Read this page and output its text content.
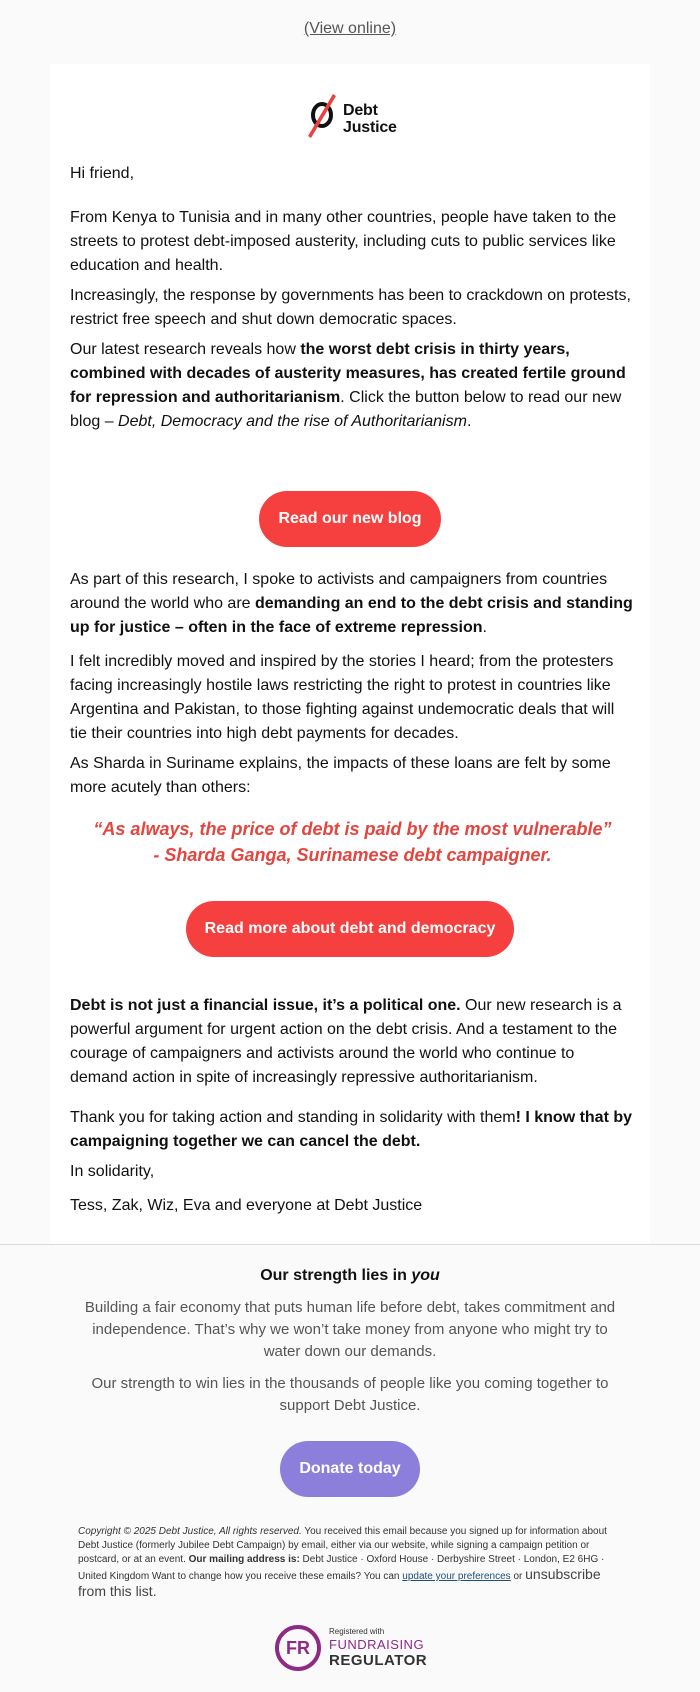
(View online)
Debt
Justice

Hi friend,

From Kenya to Tunisia and in many other countries, people have taken to the streets to protest debt-imposed austerity, including cuts to public services like education and health.

Increasingly, the response by governments has been to crackdown on protests, restrict free speech and shut down democratic spaces.

Our latest research reveals how the worst debt crisis in thirty years, combined with decades of austerity measures, has created fertile ground for repression and authoritarianism. Click the button below to read our new blog – Debt, Democracy and the rise of Authoritarianism.

Read our new blog

As part of this research, I spoke to activists and campaigners from countries around the world who are demanding an end to the debt crisis and standing up for justice – often in the face of extreme repression.

I felt incredibly moved and inspired by the stories I heard; from the protesters facing increasingly hostile laws restricting the right to protest in countries like Argentina and Pakistan, to those fighting against undemocratic deals that will tie their countries into high debt payments for decades.

As Sharda in Suriname explains, the impacts of these loans are felt by some more acutely than others:

“As always, the price of debt is paid by the most vulnerable”

- Sharda Ganga, Surinamese debt campaigner.

Read more about debt and democracy

Debt is not just a financial issue, it’s a political one. Our new research is a powerful argument for urgent action on the debt crisis. And a testament to the courage of campaigners and activists around the world who continue to demand action in spite of increasingly repressive authoritarianism.

Thank you for taking action and standing in solidarity with them! I know that by campaigning together we can cancel the debt.

In solidarity,

Tess, Zak, Wiz, Eva and everyone at Debt Justice

Our strength lies in you

Building a fair economy that puts human life before debt, takes commitment and independence. That’s why we won’t take money from anyone who might try to water down our demands.

Our strength to win lies in the thousands of people like you coming together to support Debt Justice.

Donate today

Copyright © 2025 Debt Justice, All rights reserved. You received this email because you signed up for information about Debt Justice (formerly Jubilee Debt Campaign) by email, either via our website, while signing a campaign petition or postcard, or at an event. Our mailing address is: Debt Justice · Oxford House · Derbyshire Street · London, E2 6HG · United Kingdom Want to change how you receive these emails? You can update your preferences or unsubscribe from this list.

FR
Registered with
FUNDRAISING
REGULATOR
